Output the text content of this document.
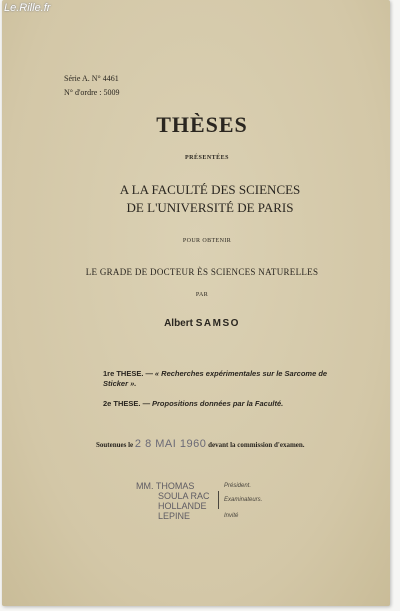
Le.Rille.fr
Série A. N° 4461
N° d'ordre : 5009
THÈSES
PRÉSENTÉES
A LA FACULTÉ DES SCIENCES
DE L'UNIVERSITÉ DE PARIS
POUR OBTENIR
LE GRADE DE DOCTEUR ÈS SCIENCES NATURELLES
PAR
Albert SAMSO
1re THESE. — « Recherches expérimentales sur le Sarcome de Sticker ».
2e THESE. — Propositions données par la Faculté.
Soutenues le 2 8 MAI 1960 devant la commission d'examen.
MM. THOMAS	Président.
SOULA RAC Examinateurs.
HOLLANDE
LEPINE	Invité
